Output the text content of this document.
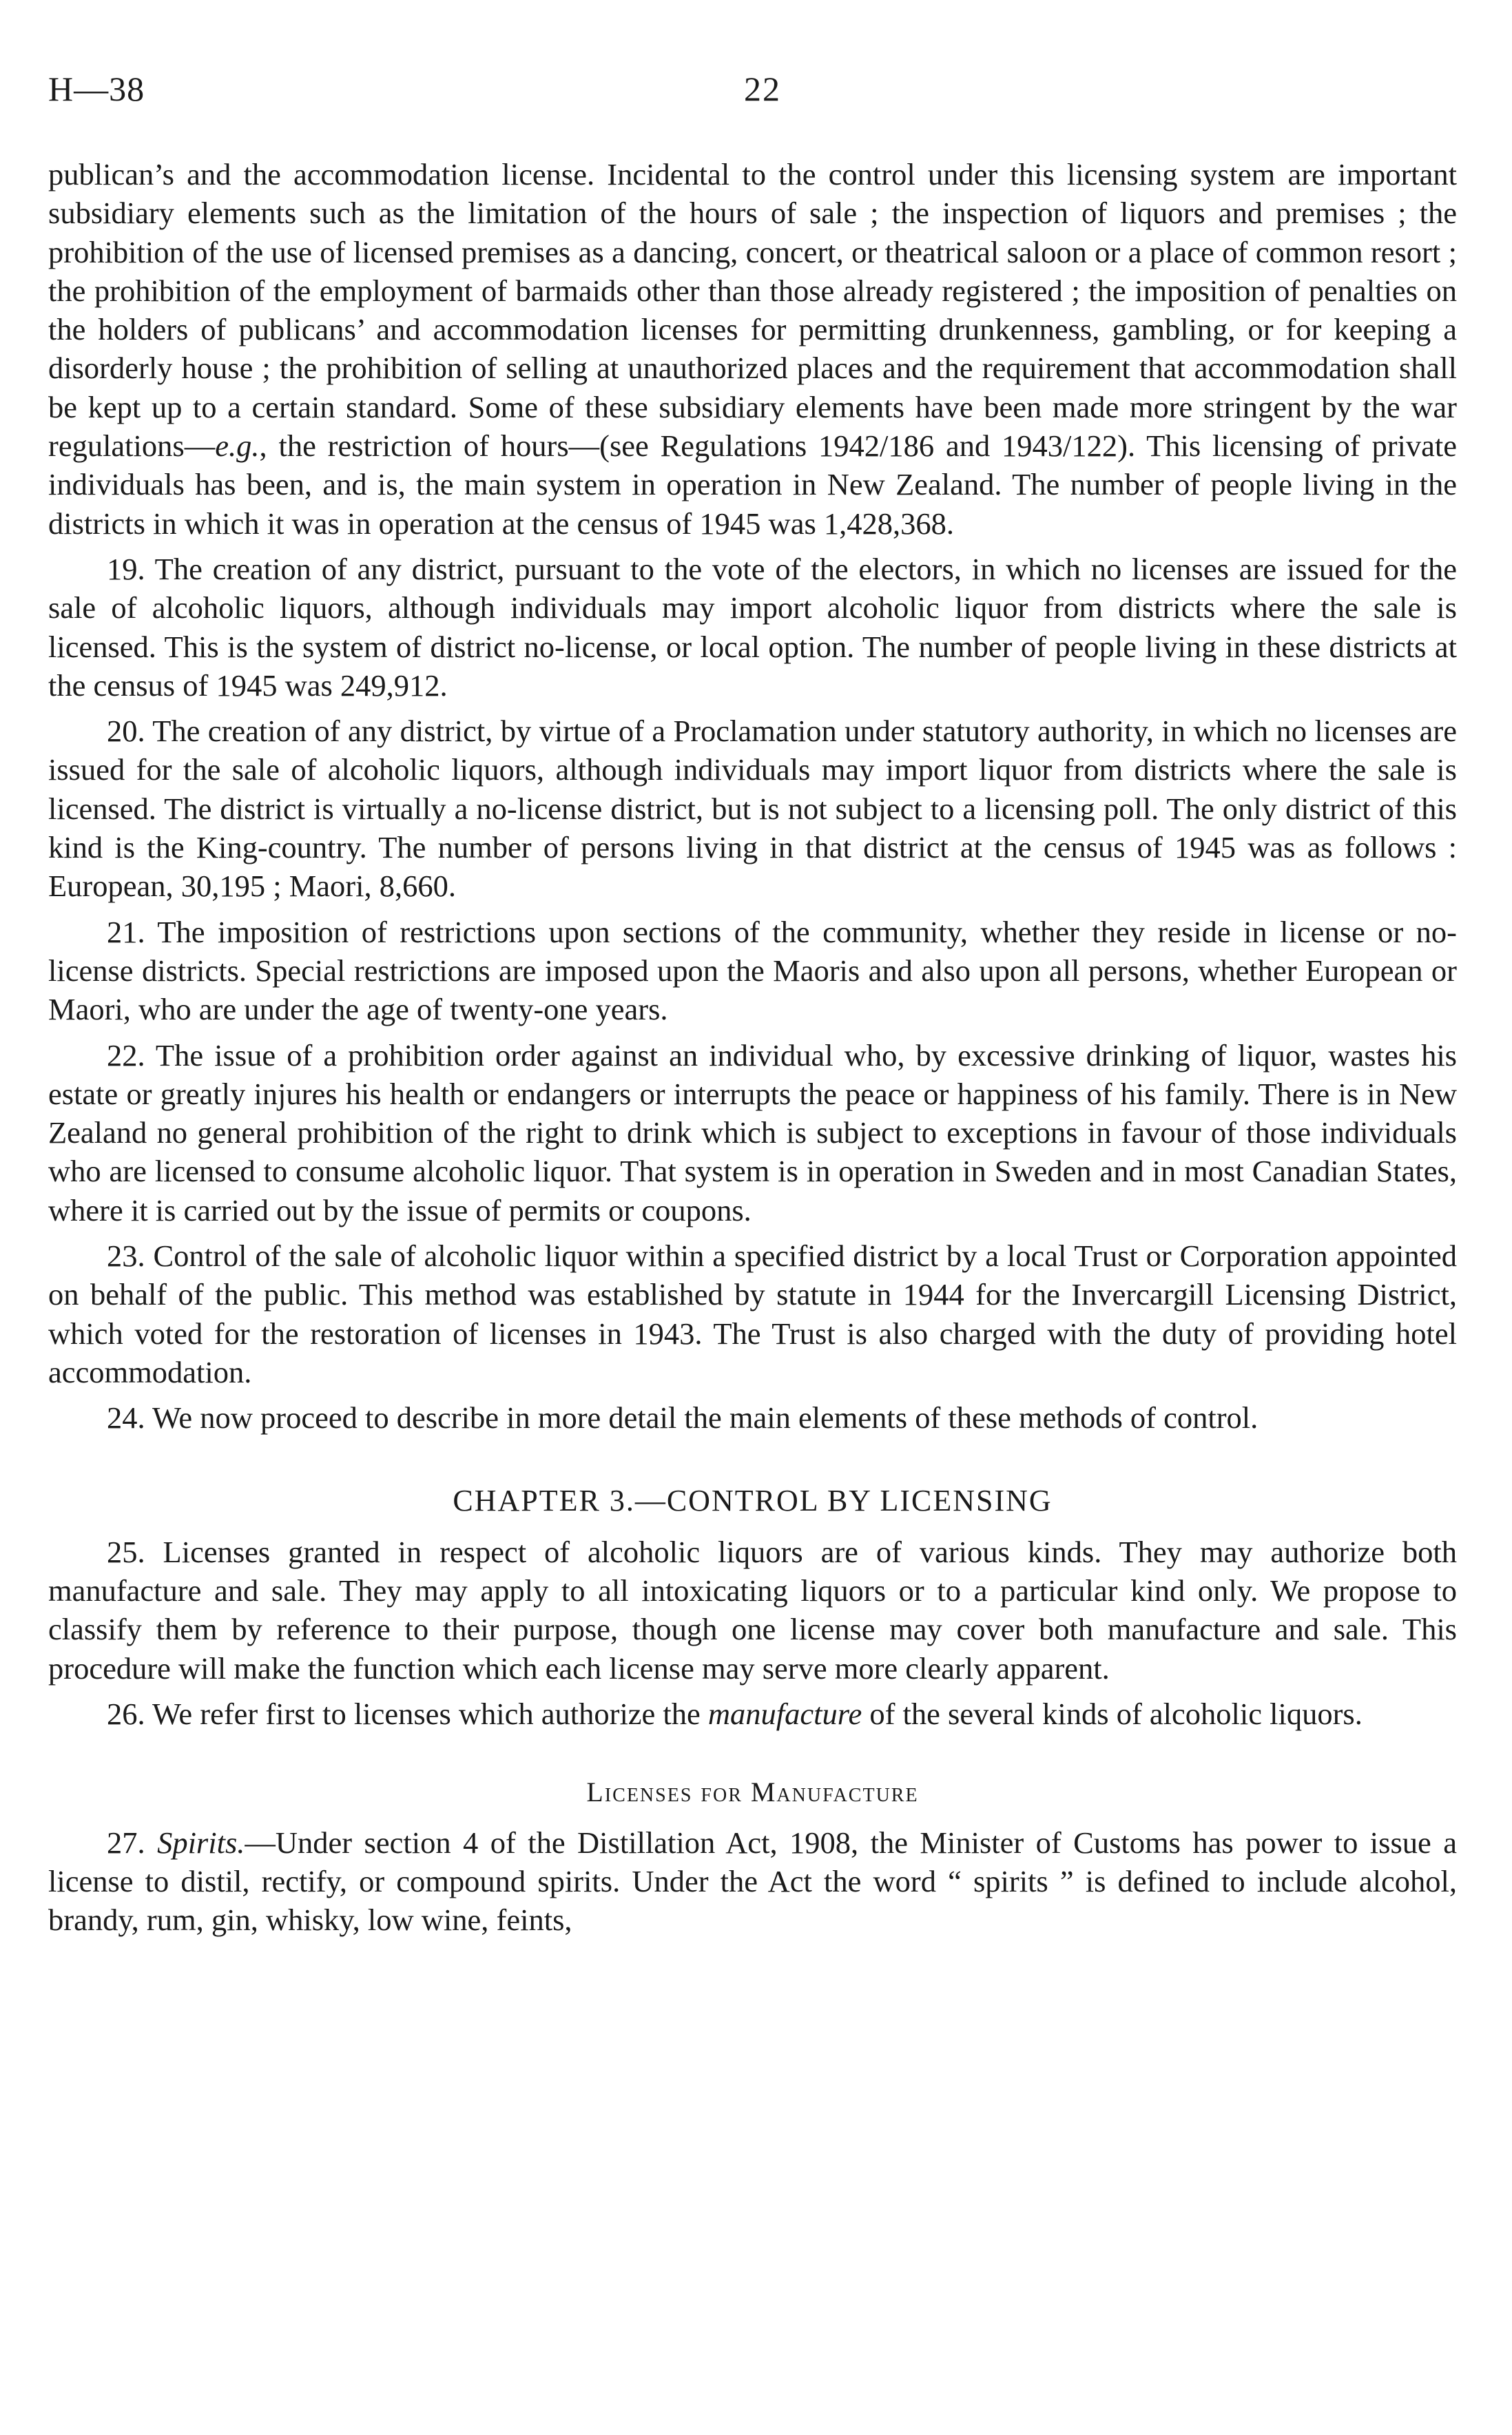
H—38	22

publican’s and the accommodation license. Incidental to the control under this licensing system are important subsidiary elements such as the limitation of the hours of sale ; the inspection of liquors and premises ; the prohibition of the use of licensed premises as a dancing, concert, or theatrical saloon or a place of common resort ; the prohibition of the employment of barmaids other than those already registered ; the imposition of penalties on the holders of publicans’ and accommodation licenses for permitting drunkenness, gambling, or for keeping a disorderly house ; the prohibition of selling at unauthorized places and the requirement that accommodation shall be kept up to a certain standard. Some of these subsidiary elements have been made more stringent by the war regulations—e.g., the restriction of hours—(see Regulations 1942/186 and 1943/122). This licensing of private individuals has been, and is, the main system in operation in New Zealand. The number of people living in the districts in which it was in operation at the census of 1945 was 1,428,368.

19. The creation of any district, pursuant to the vote of the electors, in which no licenses are issued for the sale of alcoholic liquors, although individuals may import alcoholic liquor from districts where the sale is licensed. This is the system of district no-license, or local option. The number of people living in these districts at the census of 1945 was 249,912.

20. The creation of any district, by virtue of a Proclamation under statutory authority, in which no licenses are issued for the sale of alcoholic liquors, although individuals may import liquor from districts where the sale is licensed. The district is virtually a no-license district, but is not subject to a licensing poll. The only district of this kind is the King-country. The number of persons living in that district at the census of 1945 was as follows : European, 30,195 ; Maori, 8,660.

21. The imposition of restrictions upon sections of the community, whether they reside in license or no-license districts. Special restrictions are imposed upon the Maoris and also upon all persons, whether European or Maori, who are under the age of twenty-one years.

22. The issue of a prohibition order against an individual who, by excessive drinking of liquor, wastes his estate or greatly injures his health or endangers or interrupts the peace or happiness of his family. There is in New Zealand no general prohibition of the right to drink which is subject to exceptions in favour of those individuals who are licensed to consume alcoholic liquor. That system is in operation in Sweden and in most Canadian States, where it is carried out by the issue of permits or coupons.

23. Control of the sale of alcoholic liquor within a specified district by a local Trust or Corporation appointed on behalf of the public. This method was established by statute in 1944 for the Invercargill Licensing District, which voted for the restoration of licenses in 1943. The Trust is also charged with the duty of providing hotel accommodation.

24. We now proceed to describe in more detail the main elements of these methods of control.

CHAPTER 3.—CONTROL BY LICENSING

25. Licenses granted in respect of alcoholic liquors are of various kinds. They may authorize both manufacture and sale. They may apply to all intoxicating liquors or to a particular kind only. We propose to classify them by reference to their purpose, though one license may cover both manufacture and sale. This procedure will make the function which each license may serve more clearly apparent.

26. We refer first to licenses which authorize the manufacture of the several kinds of alcoholic liquors.

Licenses for Manufacture

27. Spirits.—Under section 4 of the Distillation Act, 1908, the Minister of Customs has power to issue a license to distil, rectify, or compound spirits. Under the Act the word “ spirits ” is defined to include alcohol, brandy, rum, gin, whisky, low wine, feints,
